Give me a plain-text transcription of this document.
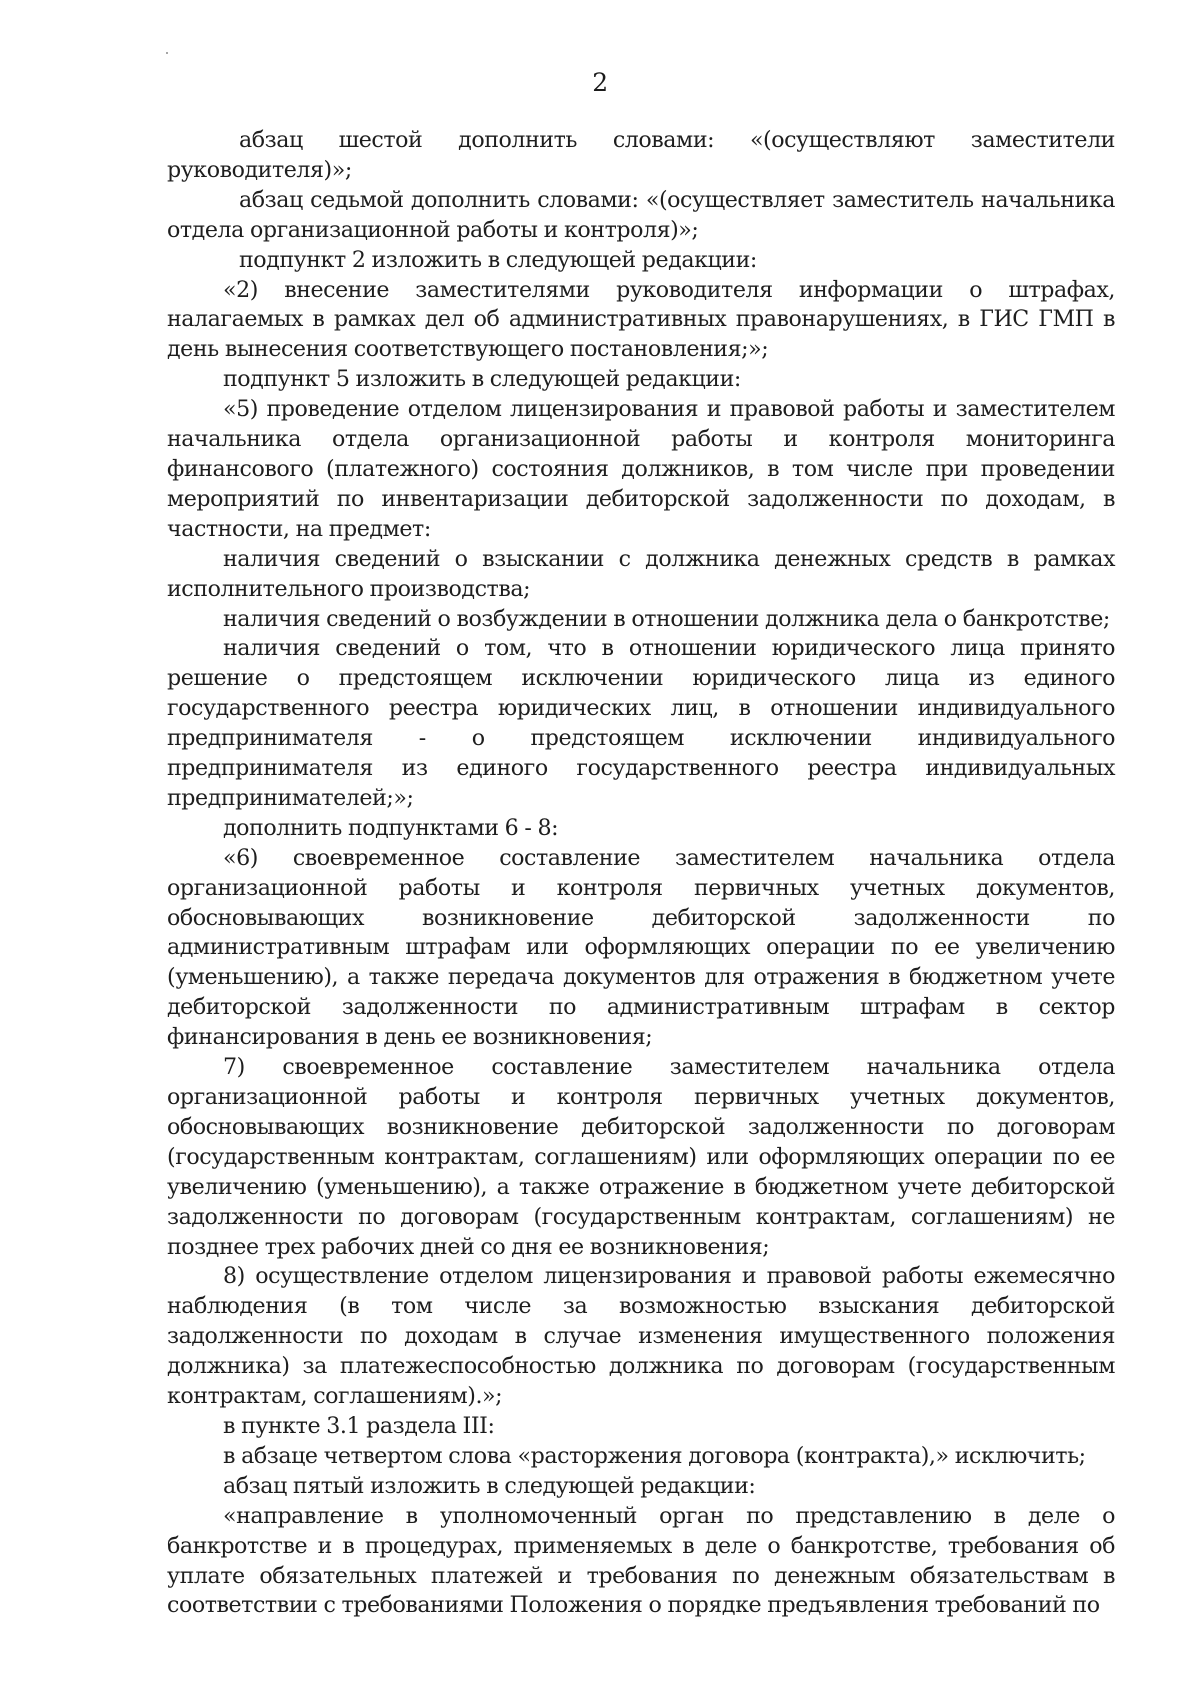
2

абзац шестой дополнить словами: «(осуществляют заместители руководителя)»;

абзац седьмой дополнить словами: «(осуществляет заместитель начальника отдела организационной работы и контроля)»;

подпункт 2 изложить в следующей редакции:

«2) внесение заместителями руководителя информации о штрафах, налагаемых в рамках дел об административных правонарушениях, в ГИС ГМП в день вынесения соответствующего постановления;»;

подпункт 5 изложить в следующей редакции:

«5) проведение отделом лицензирования и правовой работы и заместителем начальника отдела организационной работы и контроля мониторинга финансового (платежного) состояния должников, в том числе при проведении мероприятий по инвентаризации дебиторской задолженности по доходам, в частности, на предмет:

наличия сведений о взыскании с должника денежных средств в рамках исполнительного производства;

наличия сведений о возбуждении в отношении должника дела о банкротстве;

наличия сведений о том, что в отношении юридического лица принято решение о предстоящем исключении юридического лица из единого государственного реестра юридических лиц, в отношении индивидуального предпринимателя - о предстоящем исключении индивидуального предпринимателя из единого государственного реестра индивидуальных предпринимателей;»;

дополнить подпунктами 6 - 8:

«6) своевременное составление заместителем начальника отдела организационной работы и контроля первичных учетных документов, обосновывающих возникновение дебиторской задолженности по административным штрафам или оформляющих операции по ее увеличению (уменьшению), а также передача документов для отражения в бюджетном учете дебиторской задолженности по административным штрафам в сектор финансирования в день ее возникновения;

7) своевременное составление заместителем начальника отдела организационной работы и контроля первичных учетных документов, обосновывающих возникновение дебиторской задолженности по договорам (государственным контрактам, соглашениям) или оформляющих операции по ее увеличению (уменьшению), а также отражение в бюджетном учете дебиторской задолженности по договорам (государственным контрактам, соглашениям) не позднее трех рабочих дней со дня ее возникновения;

8) осуществление отделом лицензирования и правовой работы ежемесячно наблюдения (в том числе за возможностью взыскания дебиторской задолженности по доходам в случае изменения имущественного положения должника) за платежеспособностью должника по договорам (государственным контрактам, соглашениям).»;

в пункте 3.1 раздела III:

в абзаце четвертом слова «расторжения договора (контракта),» исключить;

абзац пятый изложить в следующей редакции:

«направление в уполномоченный орган по представлению в деле о банкротстве и в процедурах, применяемых в деле о банкротстве, требования об уплате обязательных платежей и требования по денежным обязательствам в соответствии с требованиями Положения о порядке предъявления требований по
